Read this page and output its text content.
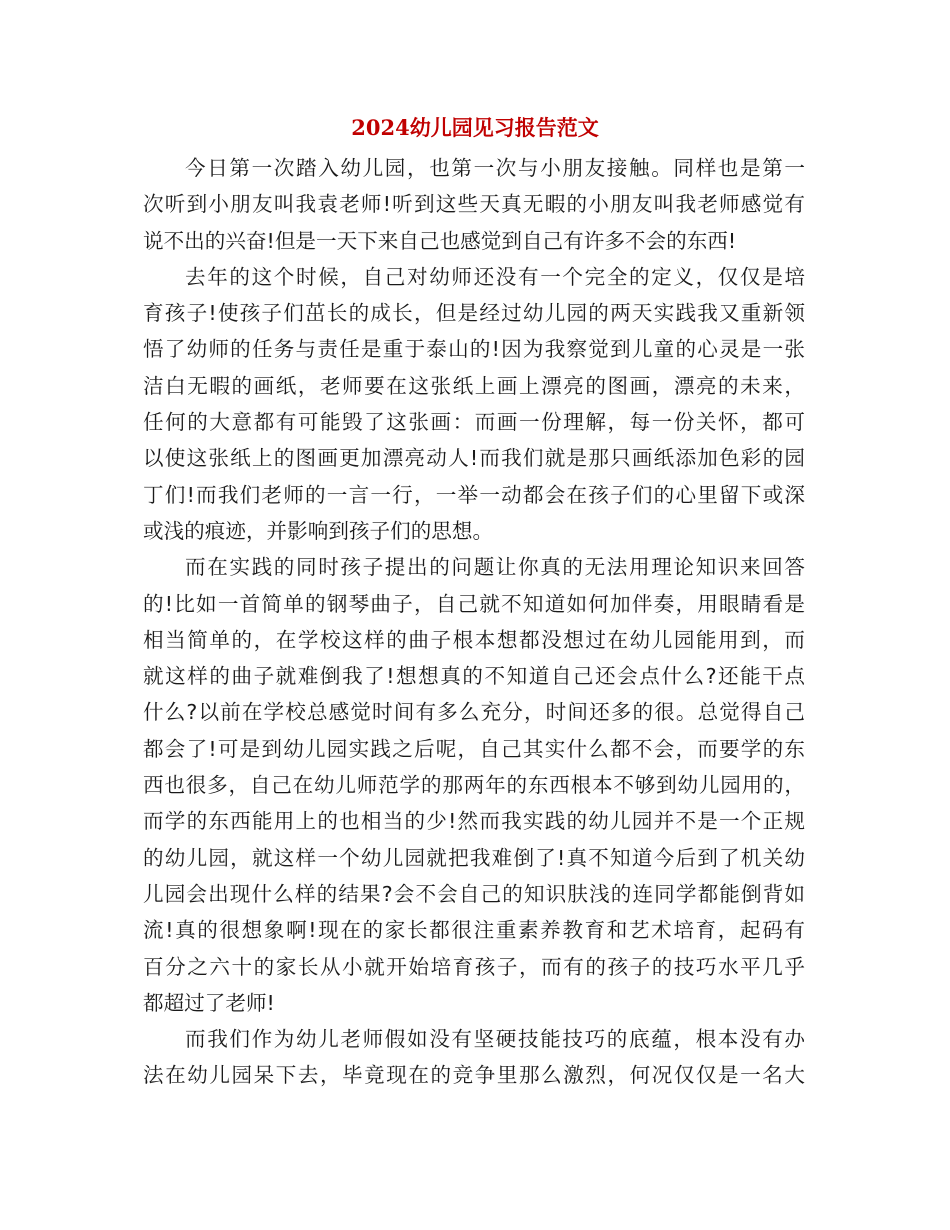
2024幼儿园见习报告范文
今日第一次踏入幼儿园，也第一次与小朋友接触。同样也是第一
次听到小朋友叫我袁老师!听到这些天真无暇的小朋友叫我老师感觉有
说不出的兴奋!但是一天下来自己也感觉到自己有许多不会的东西!
去年的这个时候，自己对幼师还没有一个完全的定义，仅仅是培
育孩子!使孩子们茁长的成长，但是经过幼儿园的两天实践我又重新领
悟了幼师的任务与责任是重于泰山的!因为我察觉到儿童的心灵是一张
洁白无暇的画纸，老师要在这张纸上画上漂亮的图画，漂亮的未来，
任何的大意都有可能毁了这张画：而画一份理解，每一份关怀，都可
以使这张纸上的图画更加漂亮动人!而我们就是那只画纸添加色彩的园
丁们!而我们老师的一言一行，一举一动都会在孩子们的心里留下或深
或浅的痕迹，并影响到孩子们的思想。
而在实践的同时孩子提出的问题让你真的无法用理论知识来回答
的!比如一首简单的钢琴曲子，自己就不知道如何加伴奏，用眼睛看是
相当简单的，在学校这样的曲子根本想都没想过在幼儿园能用到，而
就这样的曲子就难倒我了!想想真的不知道自己还会点什么?还能干点
什么?以前在学校总感觉时间有多么充分，时间还多的很。总觉得自己
都会了!可是到幼儿园实践之后呢，自己其实什么都不会，而要学的东
西也很多，自己在幼儿师范学的那两年的东西根本不够到幼儿园用的，
而学的东西能用上的也相当的少!然而我实践的幼儿园并不是一个正规
的幼儿园，就这样一个幼儿园就把我难倒了!真不知道今后到了机关幼
儿园会出现什么样的结果?会不会自己的知识肤浅的连同学都能倒背如
流!真的很想象啊!现在的家长都很注重素养教育和艺术培育，起码有
百分之六十的家长从小就开始培育孩子，而有的孩子的技巧水平几乎
都超过了老师!
而我们作为幼儿老师假如没有坚硬技能技巧的底蕴，根本没有办
法在幼儿园呆下去，毕竟现在的竞争里那么激烈，何况仅仅是一名大
